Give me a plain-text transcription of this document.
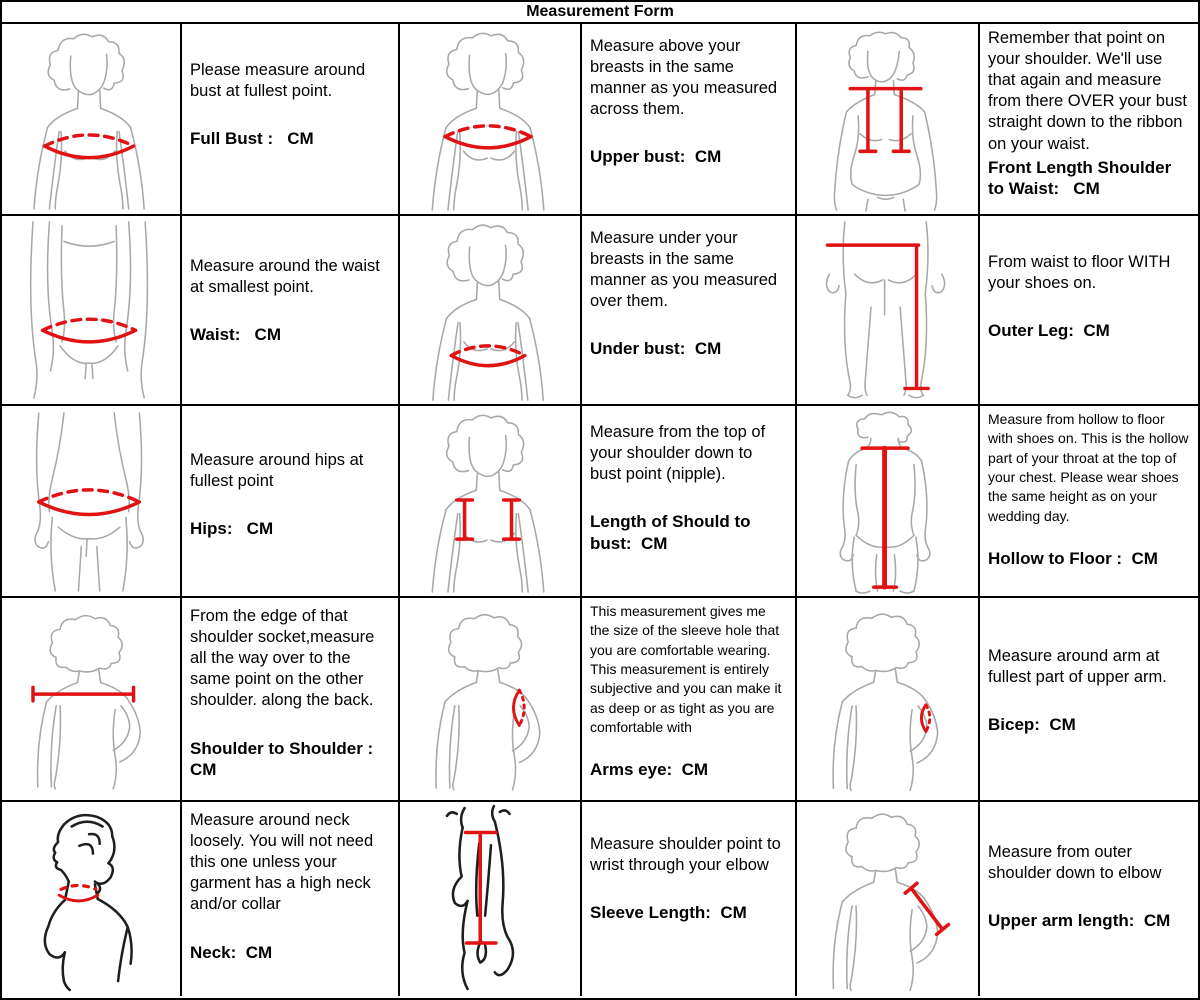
Measurement Form

Please measure around bust at fullest point.

Full Bust :   CM

Measure above your breasts in the same manner as you measured across them.

Upper bust:  CM

Remember that point on your shoulder. We'll use that again and measure from there OVER your bust straight down to the ribbon on your waist.

Front Length Shoulder to Waist:   CM

Measure around the waist at smallest point.

Waist:   CM

Measure under your breasts in the same manner as you measured over them.

Under bust:  CM

From waist to floor WITH your shoes on.

Outer Leg:  CM

Measure around hips at fullest point

Hips:   CM

Measure from the top of your shoulder down to bust point (nipple).

Length of Should to bust:  CM

Measure from hollow to floor with shoes on. This is the hollow part of your throat at the top of your chest. Please wear shoes the same height as on your wedding day.

Hollow to Floor :  CM

From the edge of that shoulder socket,measure all the way over to the same point on the other shoulder. along the back.

Shoulder to Shoulder : CM

This measurement gives me the size of the sleeve hole that you are comfortable wearing. This measurement is entirely subjective and you can make it as deep or as tight as you are comfortable with

Arms eye:  CM

Measure around arm at fullest part of upper arm.

Bicep:  CM

Measure around neck loosely. You will not need this one unless your garment has a high neck and/or collar

Neck:  CM

Measure shoulder point to wrist through your elbow

Sleeve Length:  CM

Measure from outer shoulder down to elbow

Upper arm length:  CM
